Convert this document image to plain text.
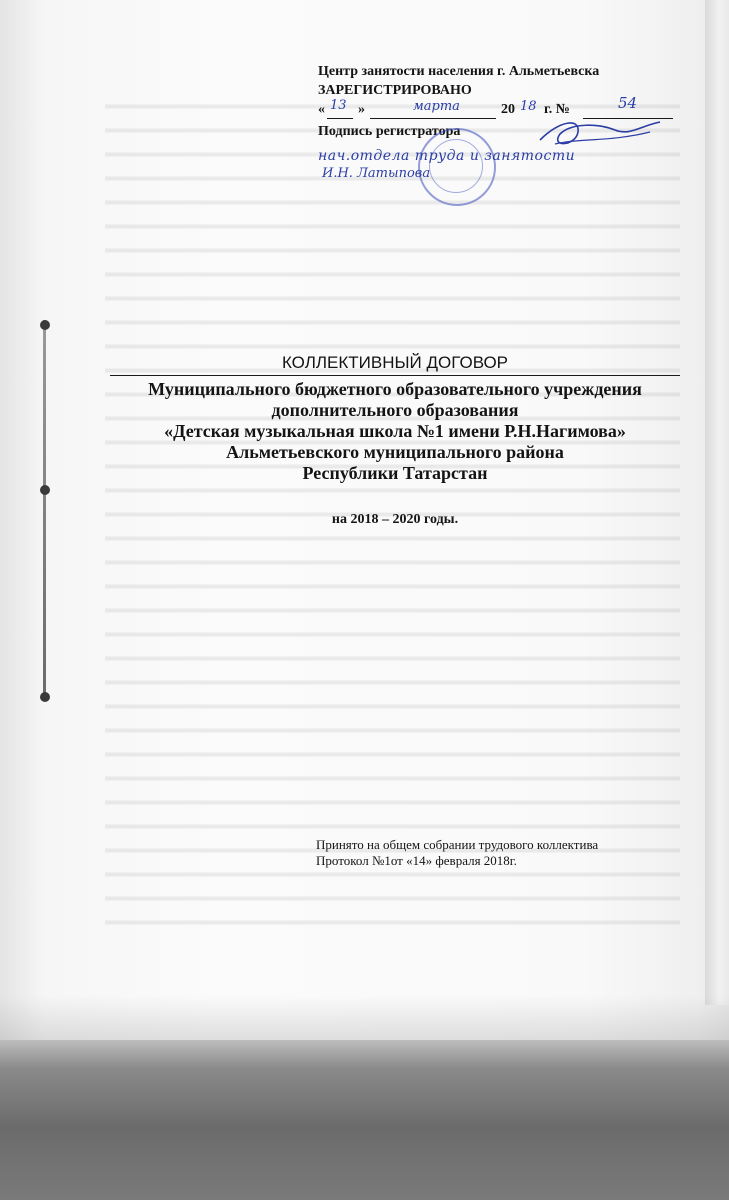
Центр занятости населения г. Альметьевска
ЗАРЕГИСТРИРОВАНО
« 13 »	марта	20 18 г. №	54
Подпись регистратора
нач.отдела труда и занятости
И.Н. Латыпова
КОЛЛЕКТИВНЫЙ ДОГОВОР
Муниципального бюджетного образовательного учреждения
дополнительного образования
«Детская музыкальная школа №1 имени Р.Н.Нагимова»
Альметьевского муниципального района
Республики Татарстан
на 2018 – 2020 годы.
Принято на общем собрании трудового коллектива
Протокол №1от «14» февраля 2018г.
